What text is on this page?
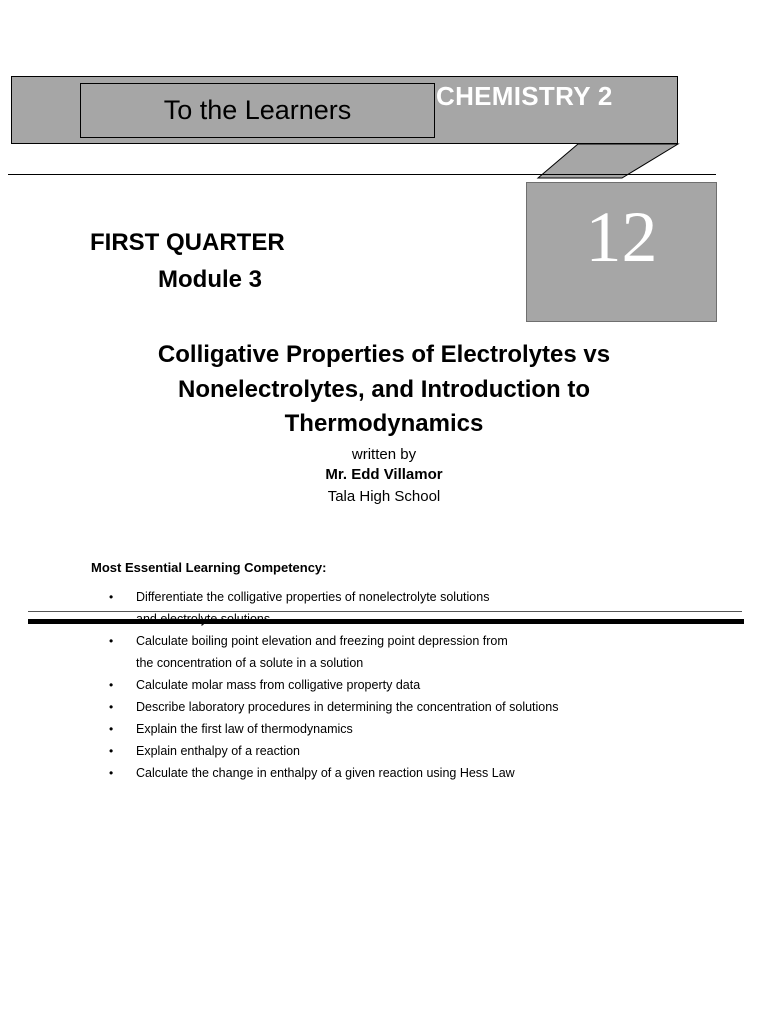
To the Learners	CHEMISTRY 2
12
FIRST QUARTER
Module 3
Colligative Properties of Electrolytes vs
Nonelectrolytes, and Introduction to
Thermodynamics
written by
Mr. Edd Villamor
Tala High School
Most Essential Learning Competency:
• Differentiate the colligative properties of nonelectrolyte solutions
• Calculate boiling point elevation and freezing point depression from
the concentration of a solute in a solution
• Calculate molar mass from colligative property data
• Describe laboratory procedures in determining the concentration of solutions
• Explain the first law of thermodynamics
• Explain enthalpy of a reaction
• Calculate the change in enthalpy of a given reaction using Hess Law
